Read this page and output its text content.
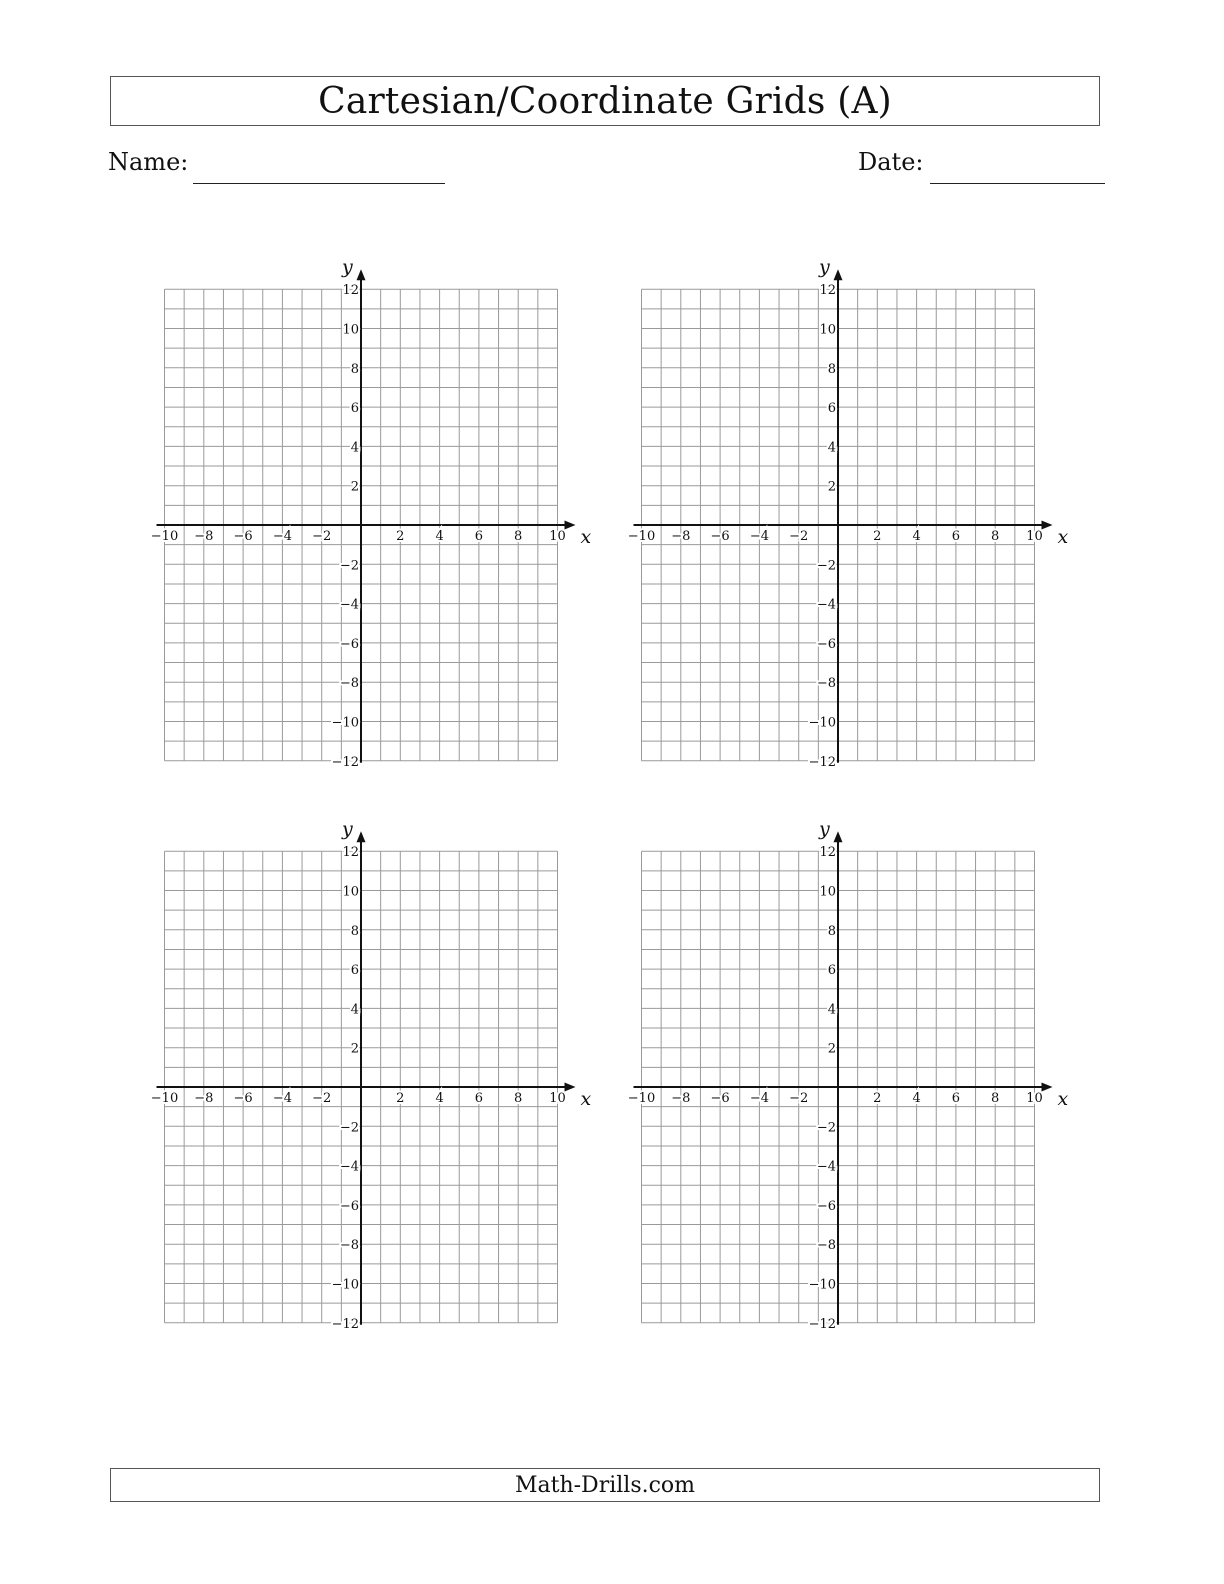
Cartesian/Coordinate Grids (A)
Name:	Date:
x
y
−10 −8 −6 −4 −2	2 4 6 8 10
12
10
8
6
4
2
−2
−4
−6
−8
−10
−12
x
y
−10 −8 −6 −4 −2	2 4 6 8 10
12
10
8
6
4
2
−2
−4
−6
−8
−10
−12
x
y
−10 −8 −6 −4 −2	2 4 6 8 10
12
10
8
6
4
2
−2
−4
−6
−8
−10
−12
x
y
−10 −8 −6 −4 −2	2 4 6 8 10
12
10
8
6
4
2
−2
−4
−6
−8
−10
−12
Math-Drills.com
